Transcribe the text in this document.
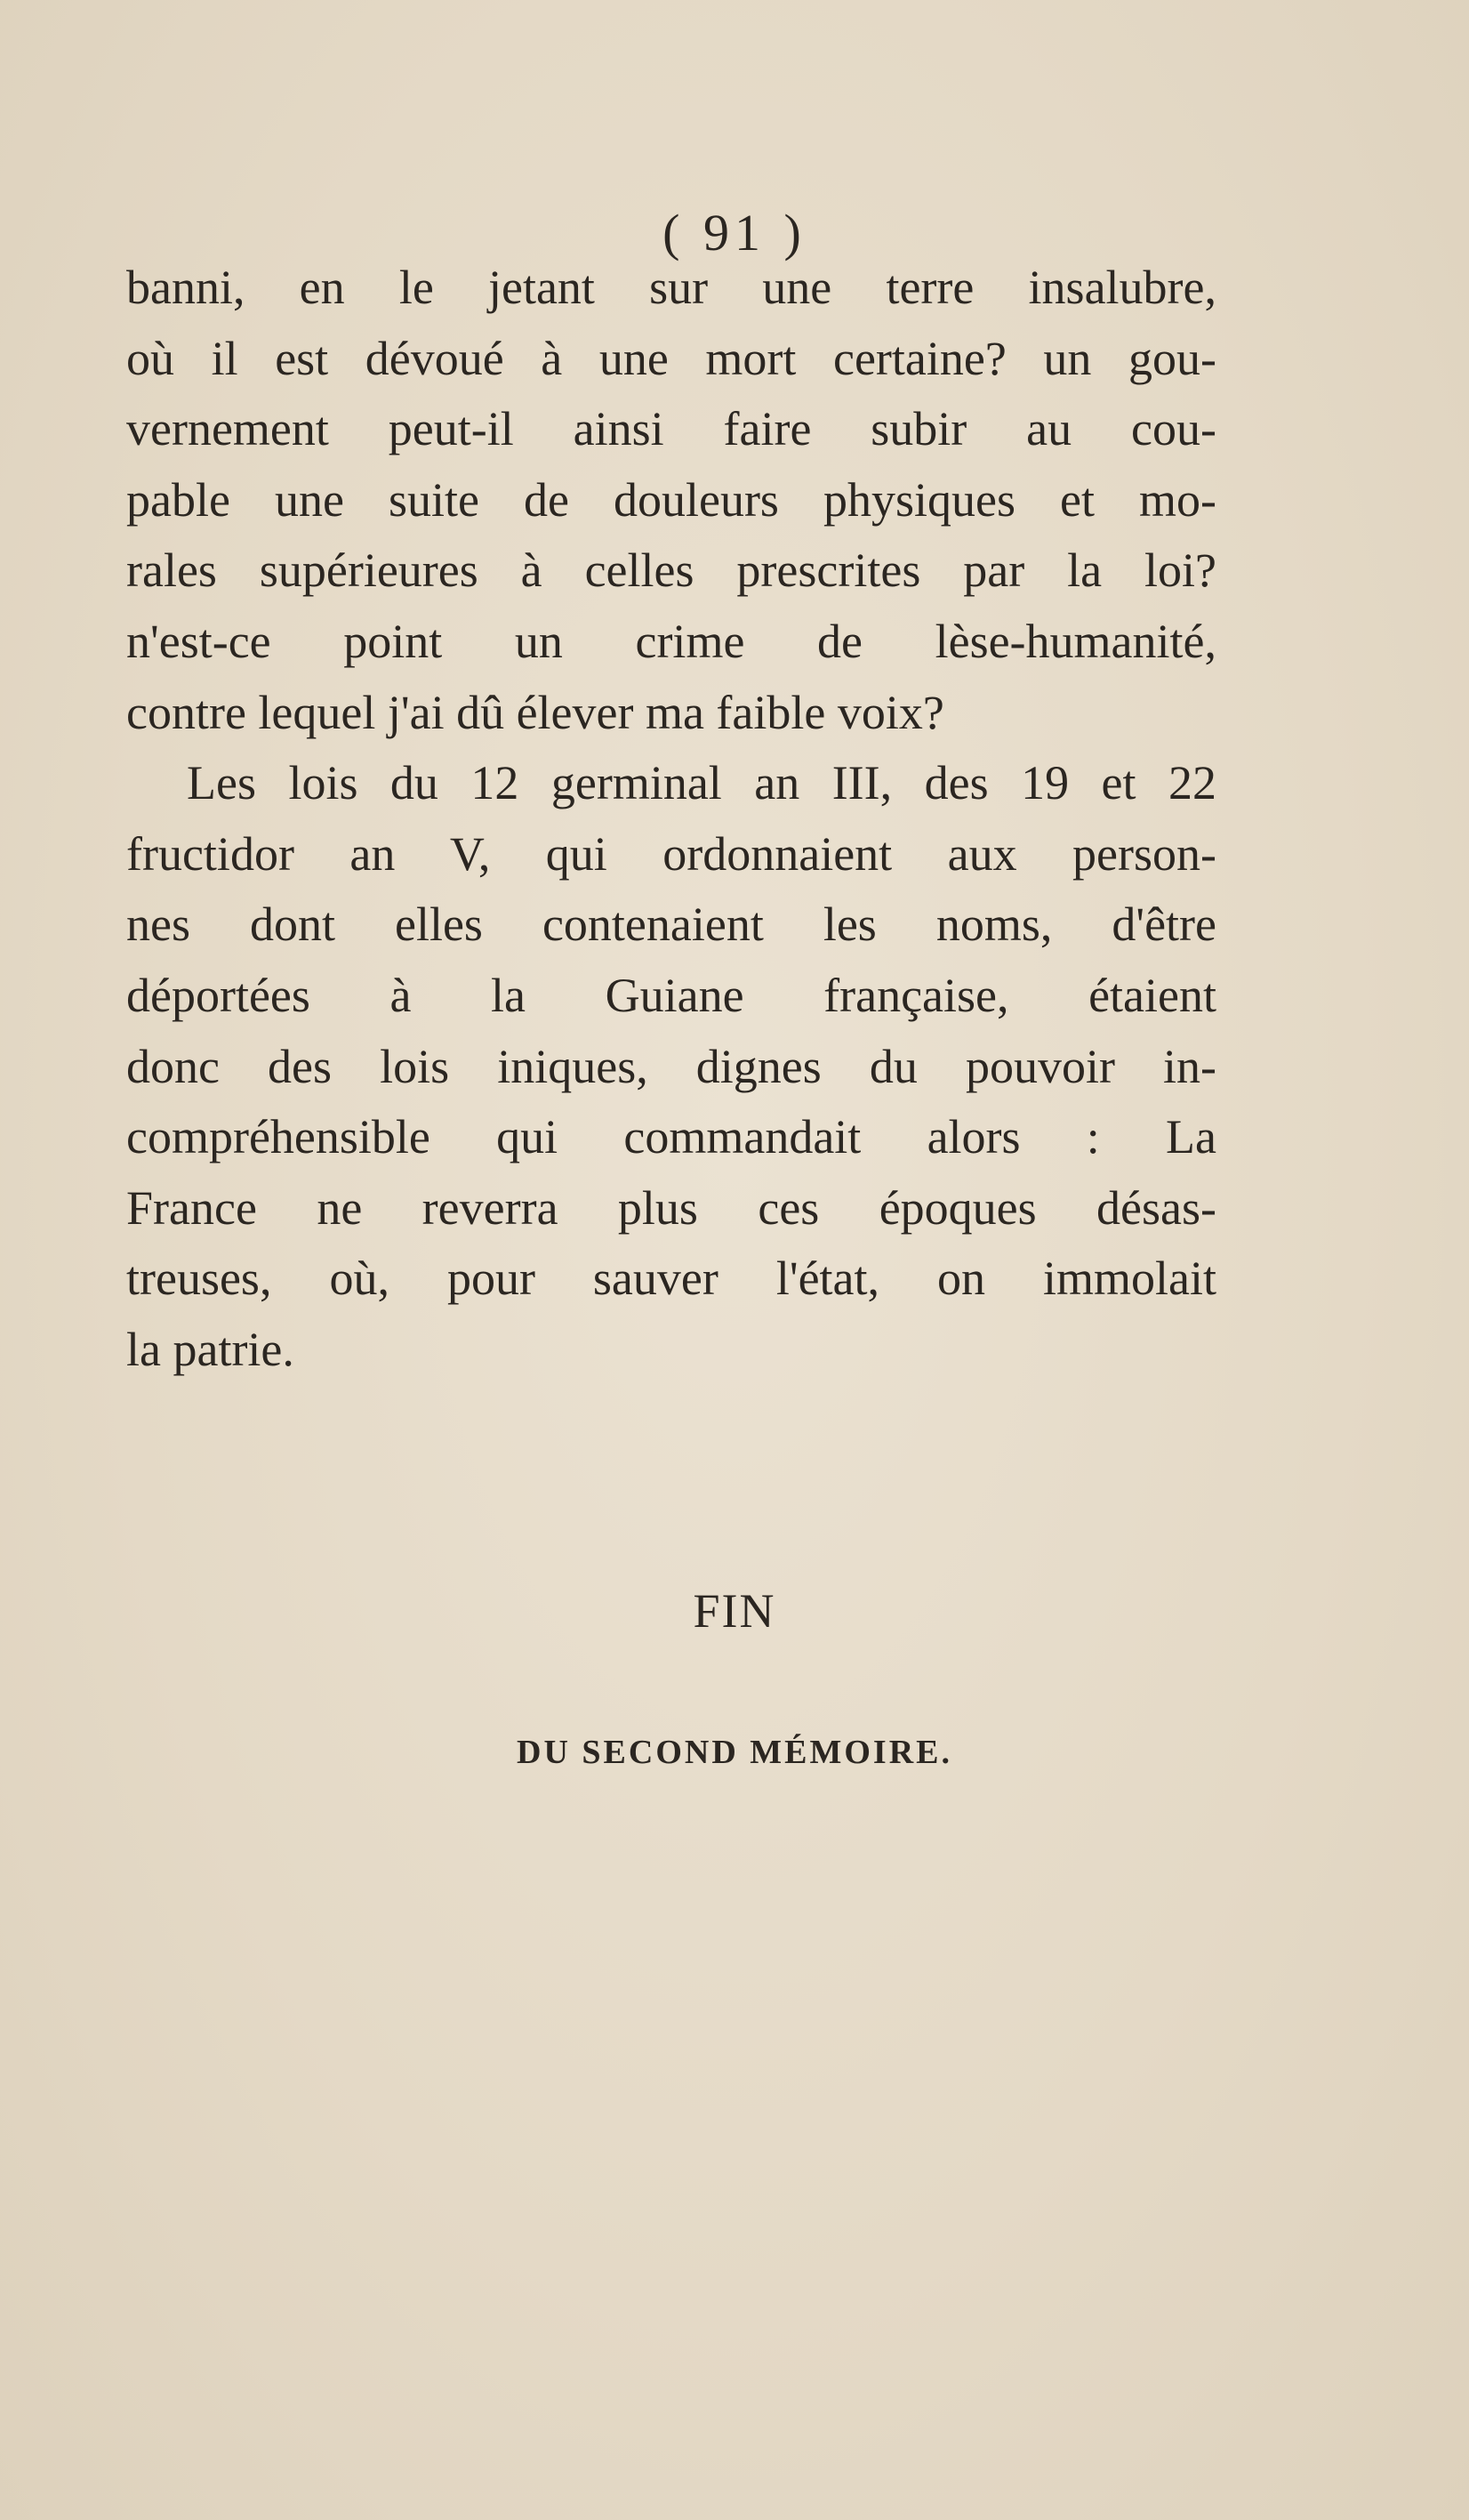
( 91 )
banni, en le jetant sur une terre insalubre,
où il est dévoué à une mort certaine? un gou-
vernement peut-il ainsi faire subir au cou-
pable une suite de douleurs physiques et mo-
rales supérieures à celles prescrites par la loi?
n'est-ce point un crime de lèse-humanité,
contre lequel j'ai dû élever ma faible voix?
Les lois du 12 germinal an III, des 19 et 22
fructidor an V, qui ordonnaient aux person-
nes dont elles contenaient les noms, d'être
déportées à la Guiane française, étaient
donc des lois iniques, dignes du pouvoir in-
compréhensible qui commandait alors : La
France ne reverra plus ces époques désas-
treuses, où, pour sauver l'état, on immolait
la patrie.
FIN
DU SECOND MÉMOIRE.
